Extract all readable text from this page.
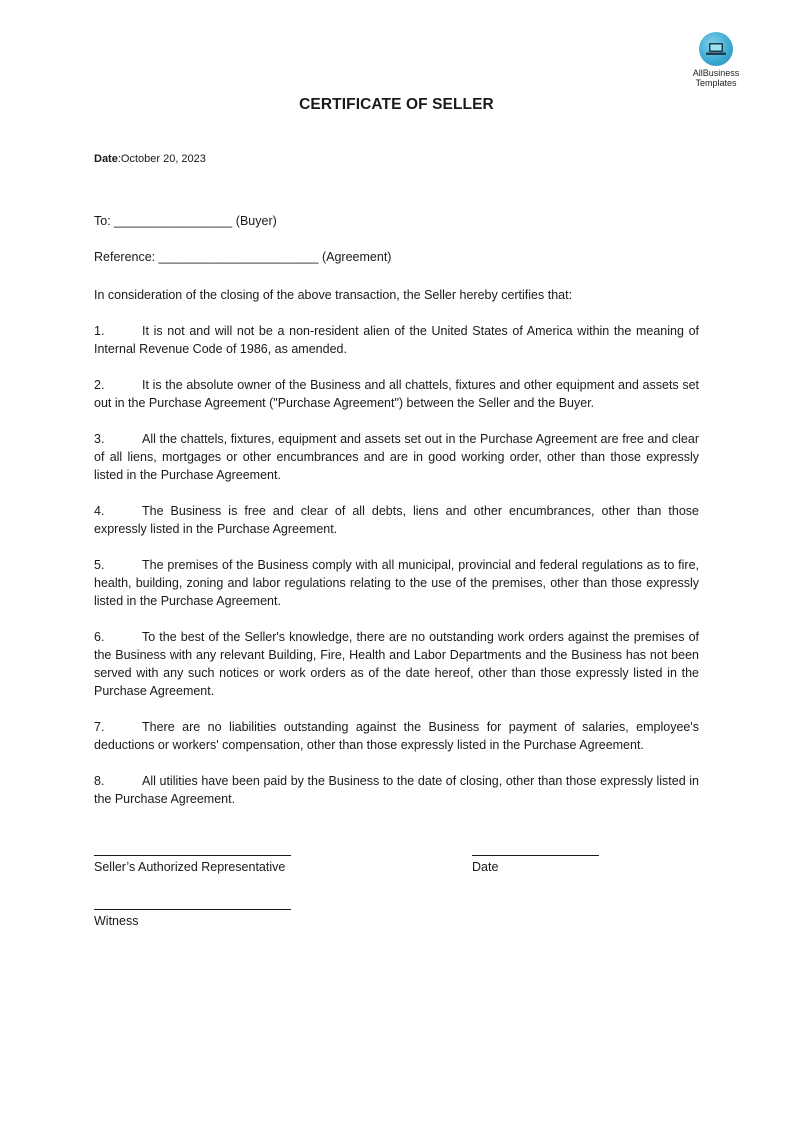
AllBusiness
Templates
CERTIFICATE OF SELLER
Date:October 20, 2023
To: _________________ (Buyer)
Reference: _______________________ (Agreement)

In consideration of the closing of the above transaction, the Seller hereby certifies that:

1.	It is not and will not be a non-resident alien of the United States of America within the meaning of Internal Revenue Code of 1986, as amended.

2.	It is the absolute owner of the Business and all chattels, fixtures and other equipment and assets set out in the Purchase Agreement ("Purchase Agreement") between the Seller and the Buyer.

3.	All the chattels, fixtures, equipment and assets set out in the Purchase Agreement are free and clear of all liens, mortgages or other encumbrances and are in good working order, other than those expressly listed in the Purchase Agreement.

4.	The Business is free and clear of all debts, liens and other encumbrances, other than those expressly listed in the Purchase Agreement.

5.	The premises of the Business comply with all municipal, provincial and federal regulations as to fire, health, building, zoning and labor regulations relating to the use of the premises, other than those expressly listed in the Purchase Agreement.

6.	To the best of the Seller's knowledge, there are no outstanding work orders against the premises of the Business with any relevant Building, Fire, Health and Labor Departments and the Business has not been served with any such notices or work orders as of the date hereof, other than those expressly listed in the Purchase Agreement.

7.	There are no liabilities outstanding against the Business for payment of salaries, employee's deductions or workers' compensation, other than those expressly listed in the Purchase Agreement.

8.	All utilities have been paid by the Business to the date of closing, other than those expressly listed in the Purchase Agreement.

Seller’s Authorized Representative	Date
Witness
